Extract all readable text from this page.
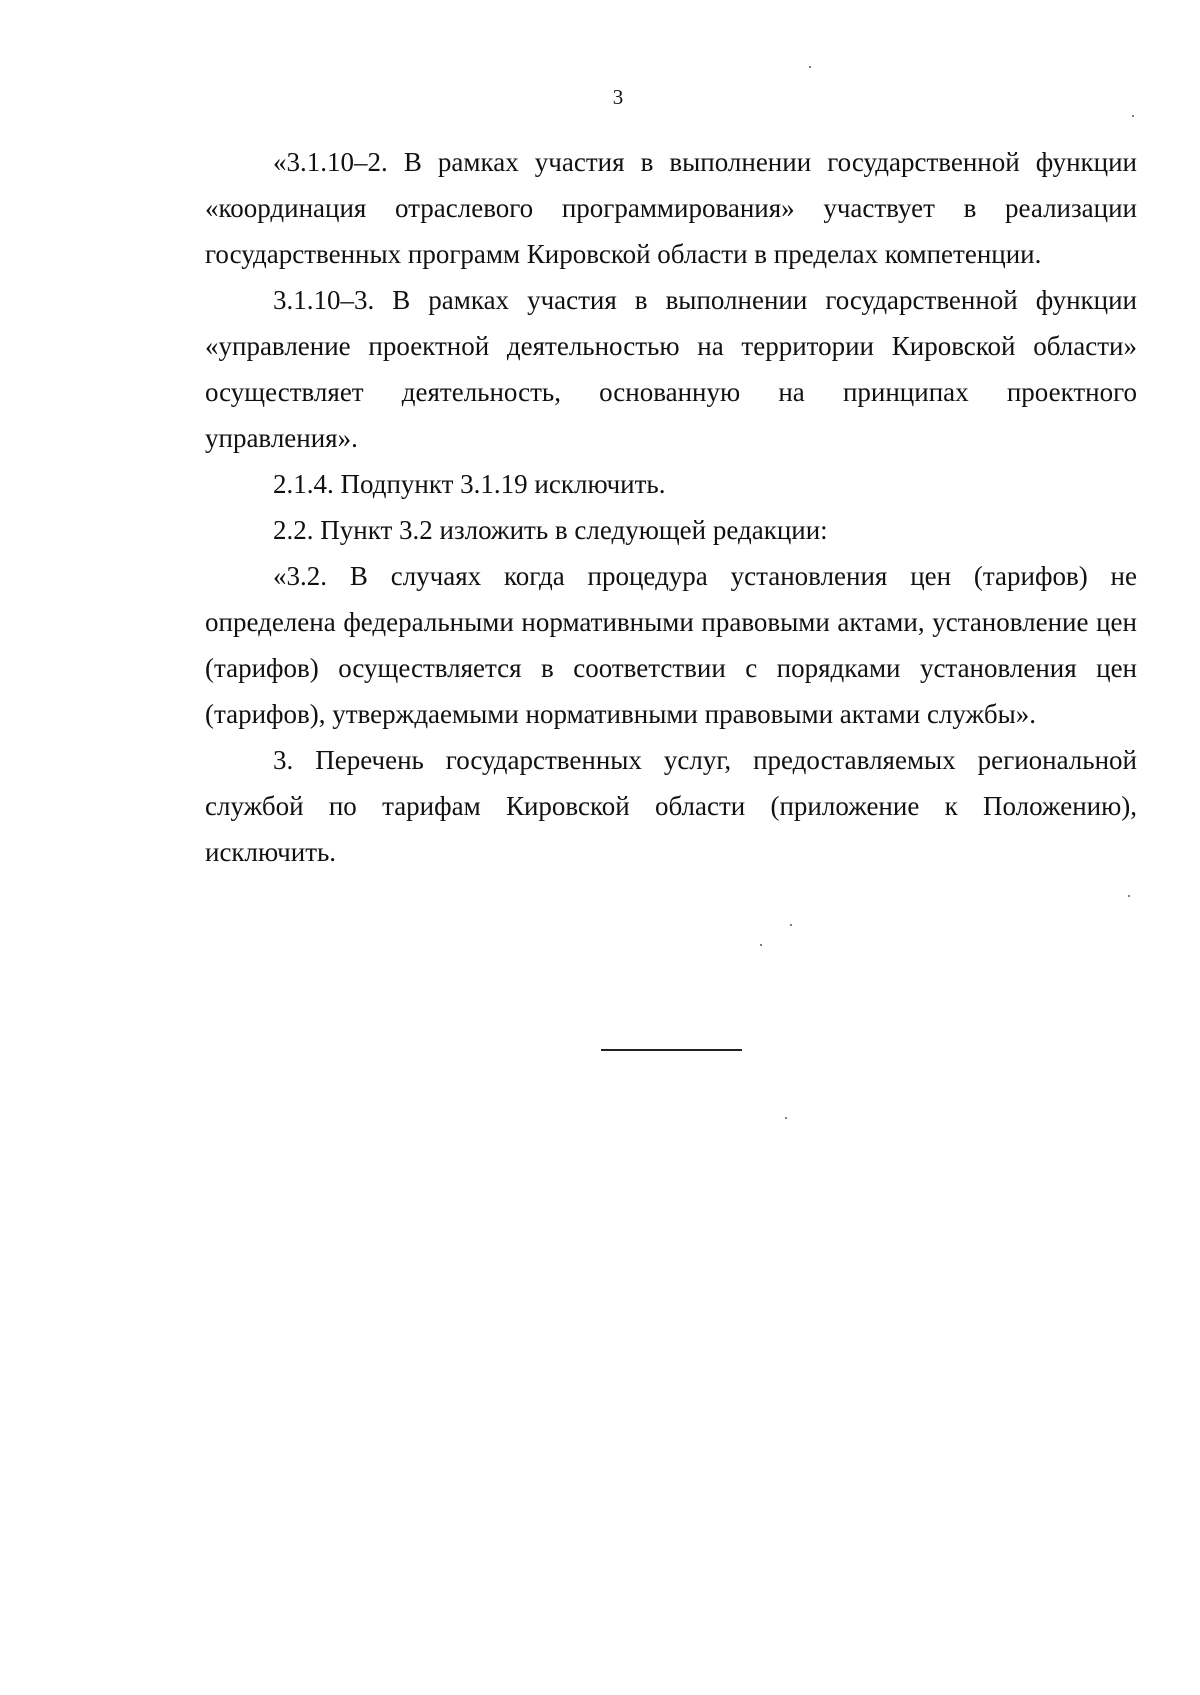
3

«3.1.10–2. В рамках участия в выполнении государственной функции «координация отраслевого программирования» участвует в реализации государственных программ Кировской области в пределах компетенции.

3.1.10–3. В рамках участия в выполнении государственной функции «управление проектной деятельностью на территории Кировской области» осуществляет деятельность, основанную на принципах проектного управления».

2.1.4. Подпункт 3.1.19 исключить.

2.2. Пункт 3.2 изложить в следующей редакции:

«3.2. В случаях когда процедура установления цен (тарифов) не определена федеральными нормативными правовыми актами, установление цен (тарифов) осуществляется в соответствии с порядками установления цен (тарифов), утверждаемыми нормативными правовыми актами службы».

3. Перечень государственных услуг, предоставляемых региональной службой по тарифам Кировской области (приложение к Положению), исключить.
